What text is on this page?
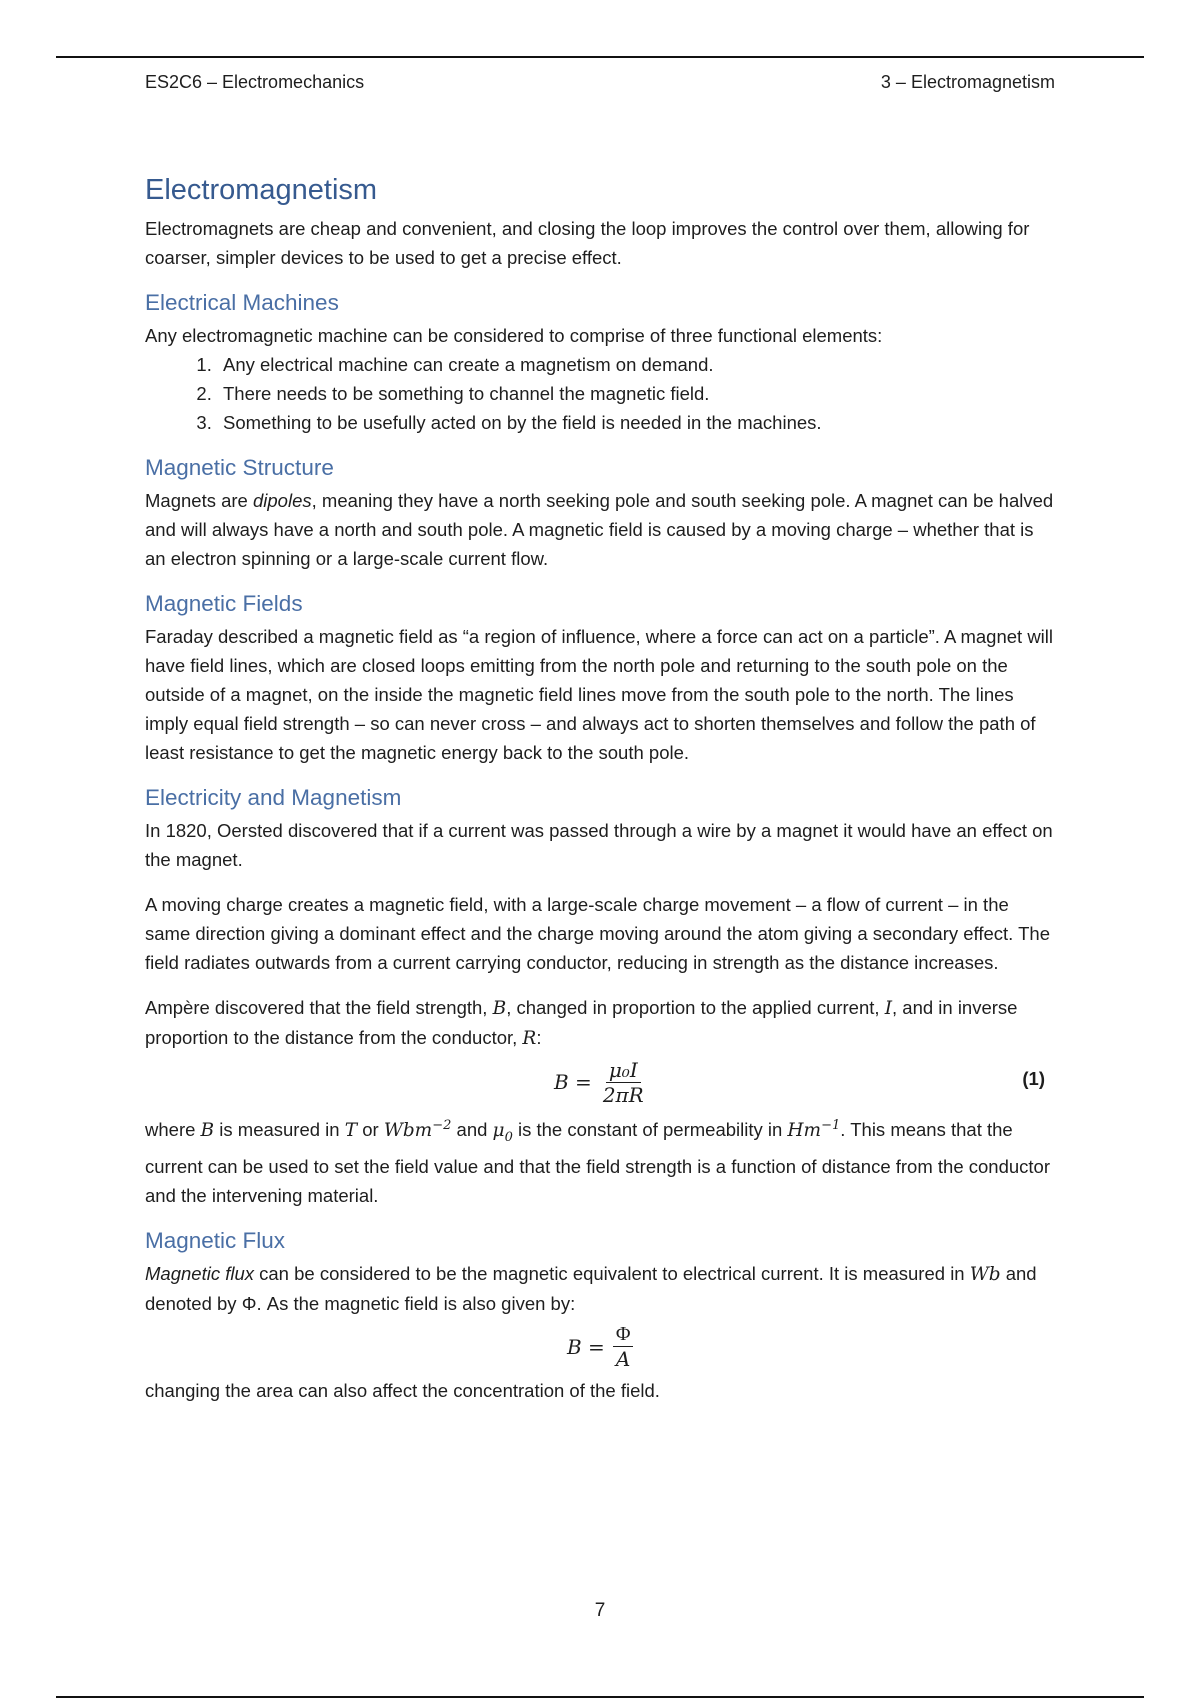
ES2C6 – Electromechanics	3 – Electromagnetism
Electromagnetism

Electromagnets are cheap and convenient, and closing the loop improves the control over them, allowing for coarser, simpler devices to be used to get a precise effect.

Electrical Machines

Any electromagnetic machine can be considered to comprise of three functional elements:

1. Any electrical machine can create a magnetism on demand.
2. There needs to be something to channel the magnetic field.
3. Something to be usefully acted on by the field is needed in the machines.
Magnetic Structure

Magnets are dipoles, meaning they have a north seeking pole and south seeking pole. A magnet can be halved and will always have a north and south pole. A magnetic field is caused by a moving charge – whether that is an electron spinning or a large-scale current flow.

Magnetic Fields

Faraday described a magnetic field as “a region of influence, where a force can act on a particle”. A magnet will have field lines, which are closed loops emitting from the north pole and returning to the south pole on the outside of a magnet, on the inside the magnetic field lines move from the south pole to the north. The lines imply equal field strength – so can never cross – and always act to shorten themselves and follow the path of least resistance to get the magnetic energy back to the south pole.

Electricity and Magnetism

In 1820, Oersted discovered that if a current was passed through a wire by a magnet it would have an effect on the magnet.

A moving charge creates a magnetic field, with a large-scale charge movement – a flow of current – in the same direction giving a dominant effect and the charge moving around the atom giving a secondary effect. The field radiates outwards from a current carrying conductor, reducing in strength as the distance increases.

Ampère discovered that the field strength, B, changed in proportion to the applied current, I, and in inverse proportion to the distance from the conductor, R:

$B = \frac{\text{μ₀I}}{2\pi R}$	(1)

where B is measured in T or Wbm$^{-2}$ and $\mu_0$ is the constant of permeability in $Hm^{-1}$. This means that the current can be used to set the field value and that the field strength is a function of distance from the conductor and the intervening material.

Magnetic Flux

Magnetic flux can be considered to be the magnetic equivalent to electrical current. It is measured in Wb and denoted by Φ. As the magnetic field is also given by:

$B = \frac{\Phi}{A}$

changing the area can also affect the concentration of the field.

7
